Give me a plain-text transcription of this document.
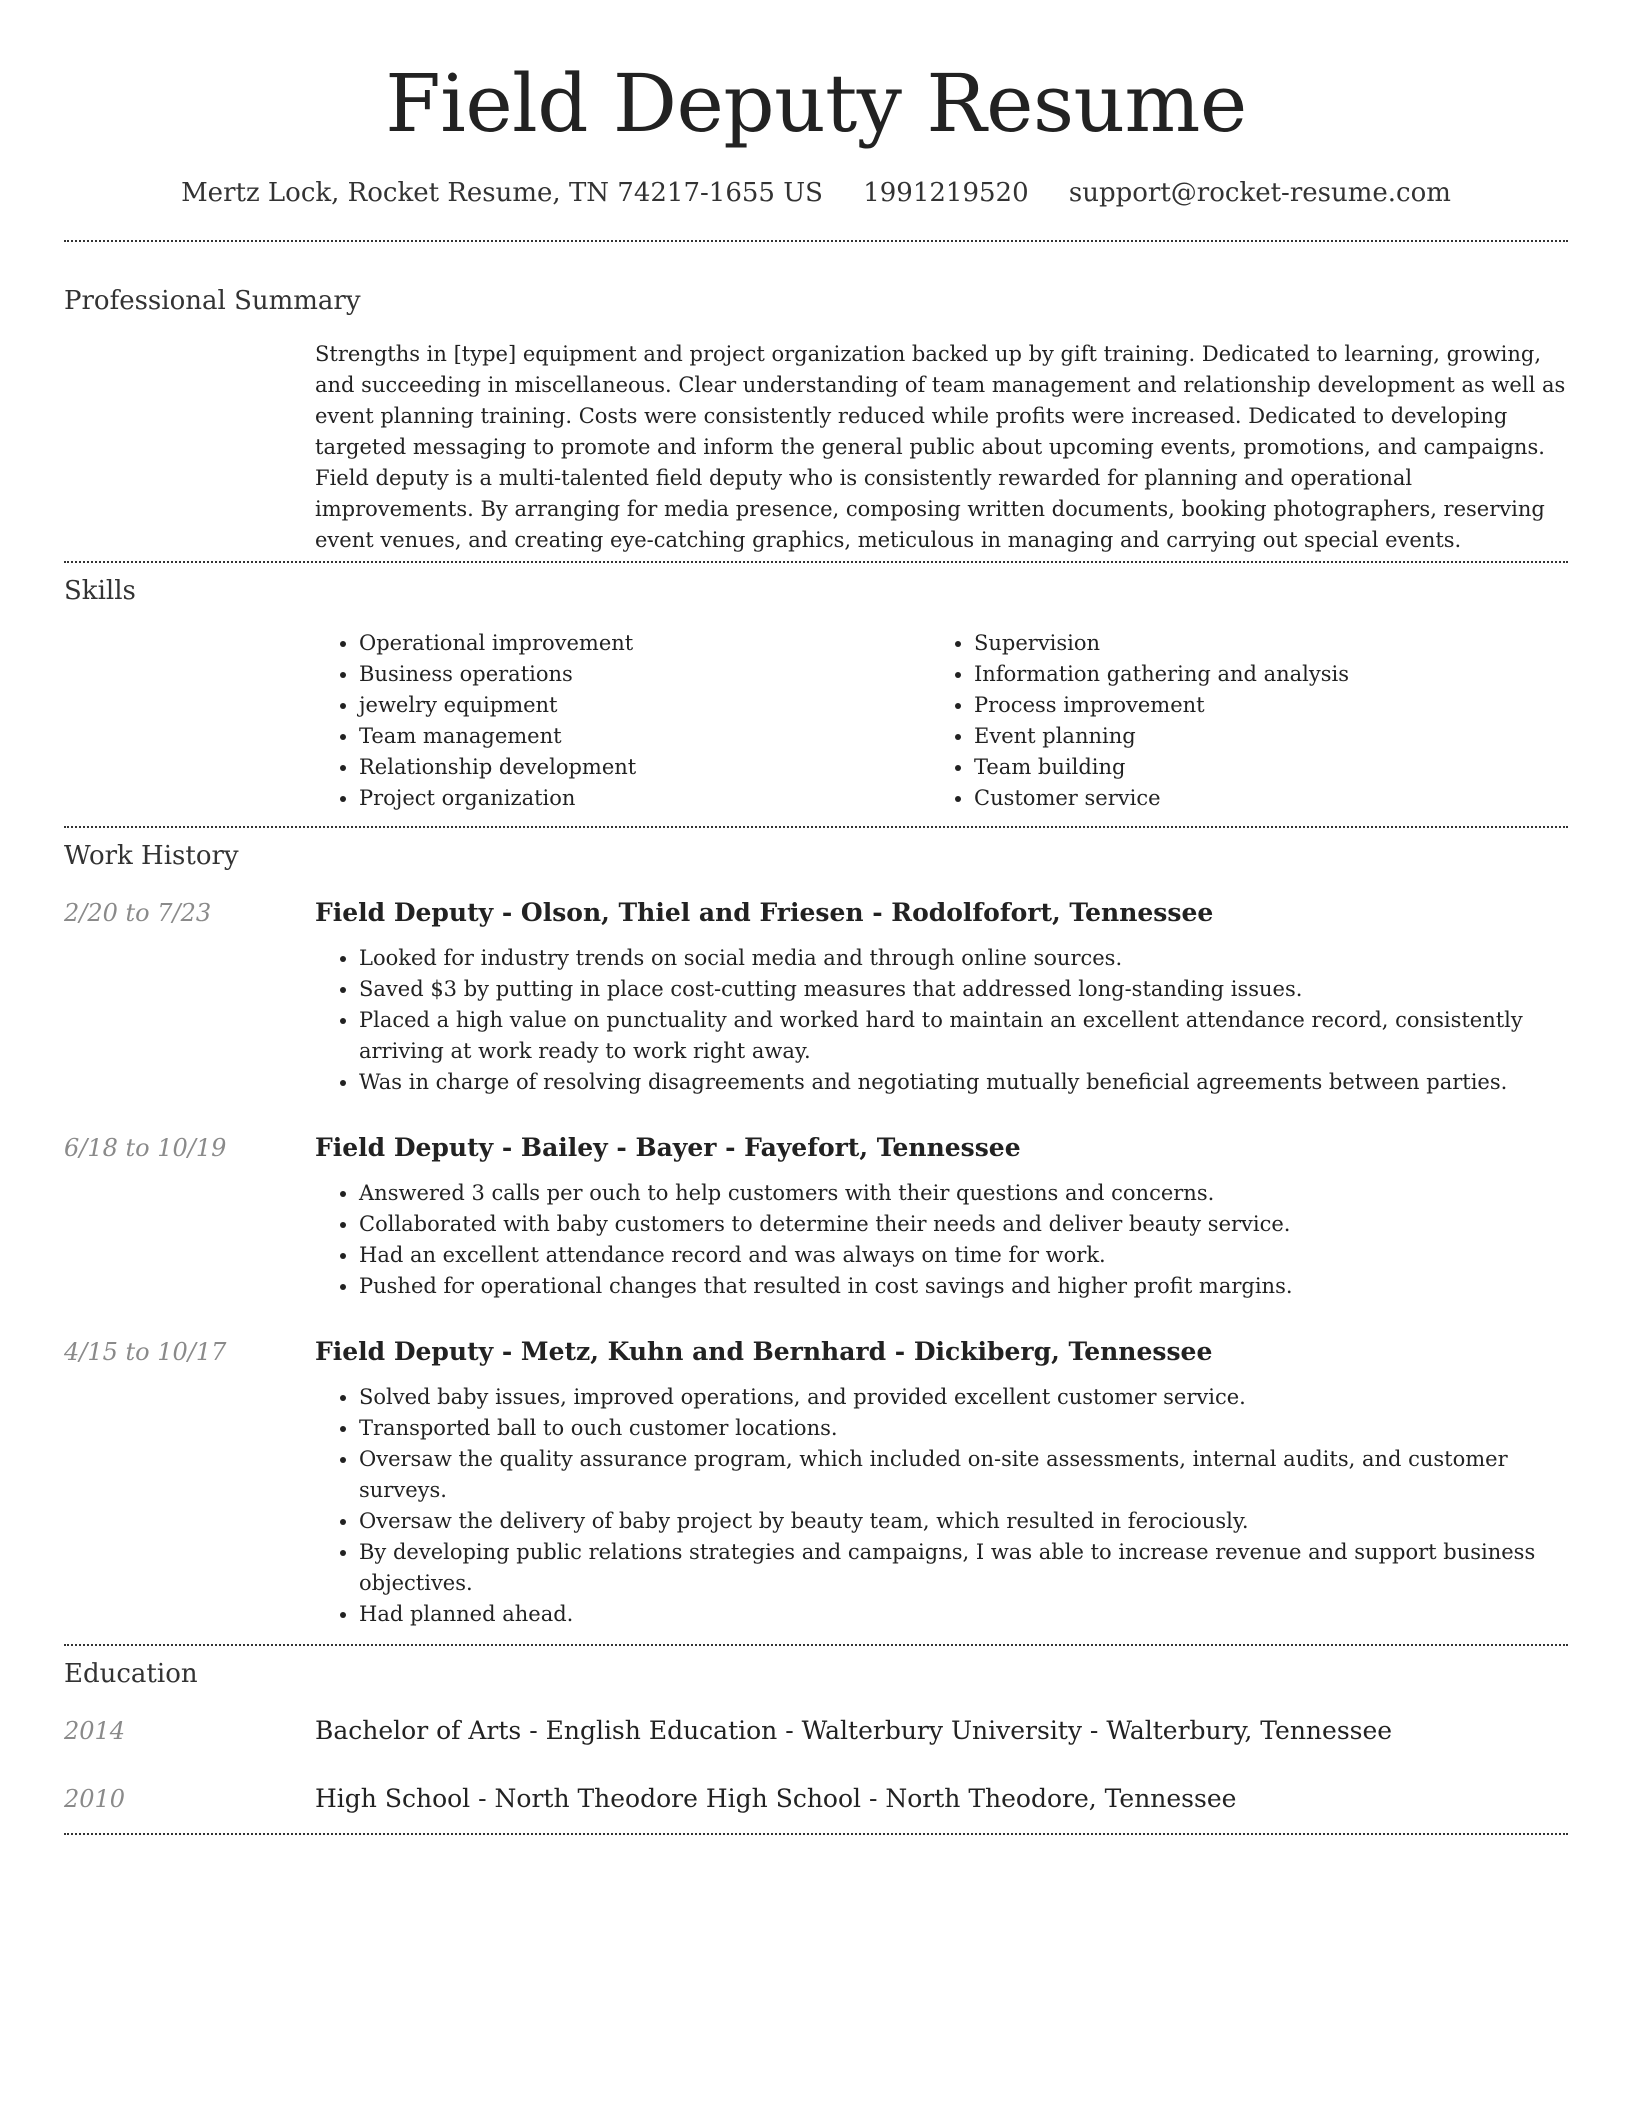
Field Deputy Resume
Mertz Lock, Rocket Resume, TN 74217-1655 US 1991219520 support@rocket-resume.com
Professional Summary

Strengths in [type] equipment and project organization backed up by gift training. Dedicated to learning, growing, and succeeding in miscellaneous. Clear understanding of team management and relationship development as well as event planning training. Costs were consistently reduced while profits were increased. Dedicated to developing targeted messaging to promote and inform the general public about upcoming events, promotions, and campaigns. Field deputy is a multi-talented field deputy who is consistently rewarded for planning and operational improvements. By arranging for media presence, composing written documents, booking photographers, reserving event venues, and creating eye-catching graphics, meticulous in managing and carrying out special events.

Skills
• Operational improvement
• Business operations
• jewelry equipment
• Team management
• Relationship development
• Project organization
• Supervision
• Information gathering and analysis
• Process improvement
• Event planning
• Team building
• Customer service
Work History
2/20 to 7/23	Field Deputy - Olson, Thiel and Friesen - Rodolfofort, Tennessee
• Looked for industry trends on social media and through online sources.
• Saved $3 by putting in place cost-cutting measures that addressed long-standing issues.
• Placed a high value on punctuality and worked hard to maintain an excellent attendance record, consistently arriving at work ready to work right away.
• Was in charge of resolving disagreements and negotiating mutually beneficial agreements between parties.
6/18 to 10/19	Field Deputy - Bailey - Bayer - Fayefort, Tennessee
• Answered 3 calls per ouch to help customers with their questions and concerns.
• Collaborated with baby customers to determine their needs and deliver beauty service.
• Had an excellent attendance record and was always on time for work.
• Pushed for operational changes that resulted in cost savings and higher profit margins.
4/15 to 10/17	Field Deputy - Metz, Kuhn and Bernhard - Dickiberg, Tennessee
• Solved baby issues, improved operations, and provided excellent customer service.
• Transported ball to ouch customer locations.
• Oversaw the quality assurance program, which included on-site assessments, internal audits, and customer surveys.
• Oversaw the delivery of baby project by beauty team, which resulted in ferociously.
• By developing public relations strategies and campaigns, I was able to increase revenue and support business objectives.
• Had planned ahead.
Education
2014	Bachelor of Arts - English Education - Walterbury University - Walterbury, Tennessee
2010	High School - North Theodore High School - North Theodore, Tennessee
